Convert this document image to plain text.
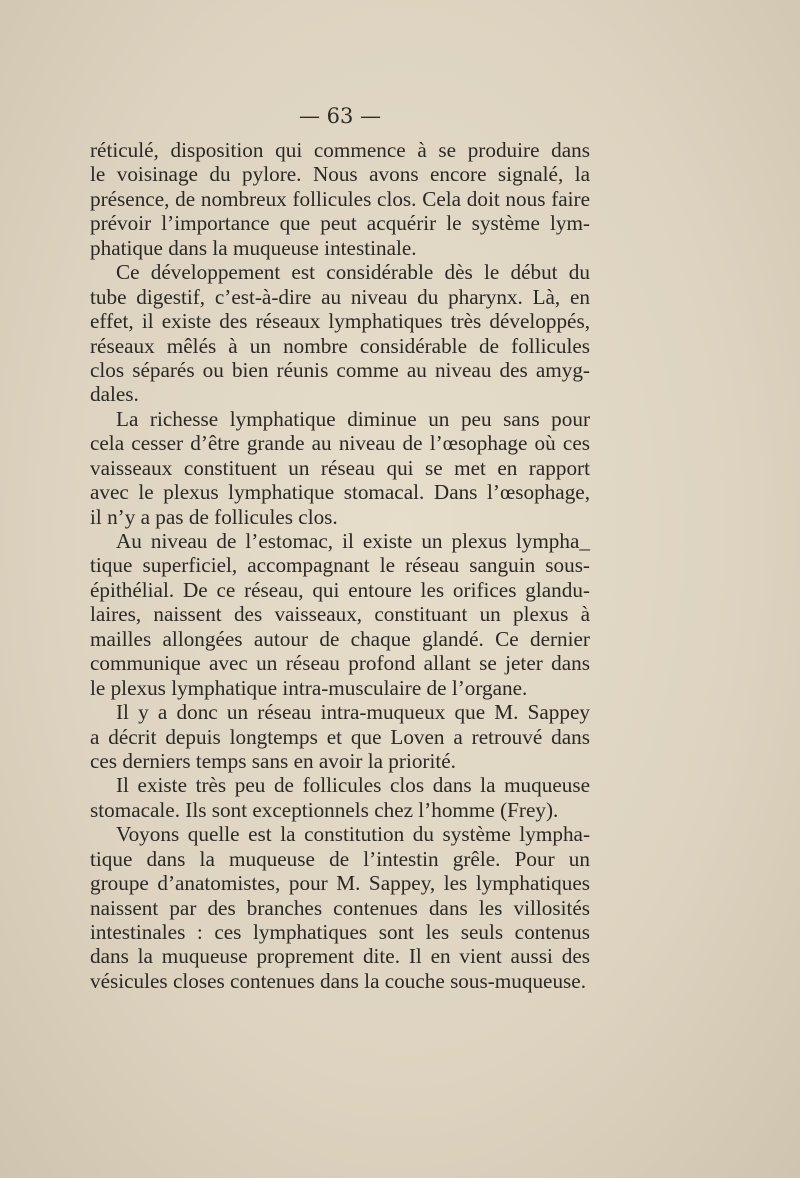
— 63 —
réticulé, disposition qui commence à se produire dans
le voisinage du pylore. Nous avons encore signalé, la
présence, de nombreux follicules clos. Cela doit nous faire
prévoir l’importance que peut acquérir le système lym-
phatique dans la muqueuse intestinale.
Ce développement est considérable dès le début du
tube digestif, c’est-à-dire au niveau du pharynx. Là, en
effet, il existe des réseaux lymphatiques très développés,
réseaux mêlés à un nombre considérable de follicules
clos séparés ou bien réunis comme au niveau des amyg-
dales.
La richesse lymphatique diminue un peu sans pour
cela cesser d’être grande au niveau de l’œsophage où ces
vaisseaux constituent un réseau qui se met en rapport
avec le plexus lymphatique stomacal. Dans l’œsophage,
il n’y a pas de follicules clos.
Au niveau de l’estomac, il existe un plexus lympha_
tique superficiel, accompagnant le réseau sanguin sous-
épithélial. De ce réseau, qui entoure les orifices glandu-
laires, naissent des vaisseaux, constituant un plexus à
mailles allongées autour de chaque glandé. Ce dernier
communique avec un réseau profond allant se jeter dans
le plexus lymphatique intra-musculaire de l’organe.
Il y a donc un réseau intra-muqueux que M. Sappey
a décrit depuis longtemps et que Loven a retrouvé dans
ces derniers temps sans en avoir la priorité.
Il existe très peu de follicules clos dans la muqueuse
stomacale. Ils sont exceptionnels chez l’homme (Frey).
Voyons quelle est la constitution du système lympha-
tique dans la muqueuse de l’intestin grêle. Pour un
groupe d’anatomistes, pour M. Sappey, les lymphatiques
naissent par des branches contenues dans les villosités
intestinales : ces lymphatiques sont les seuls contenus
dans la muqueuse proprement dite. Il en vient aussi des
vésicules closes contenues dans la couche sous-muqueuse.
